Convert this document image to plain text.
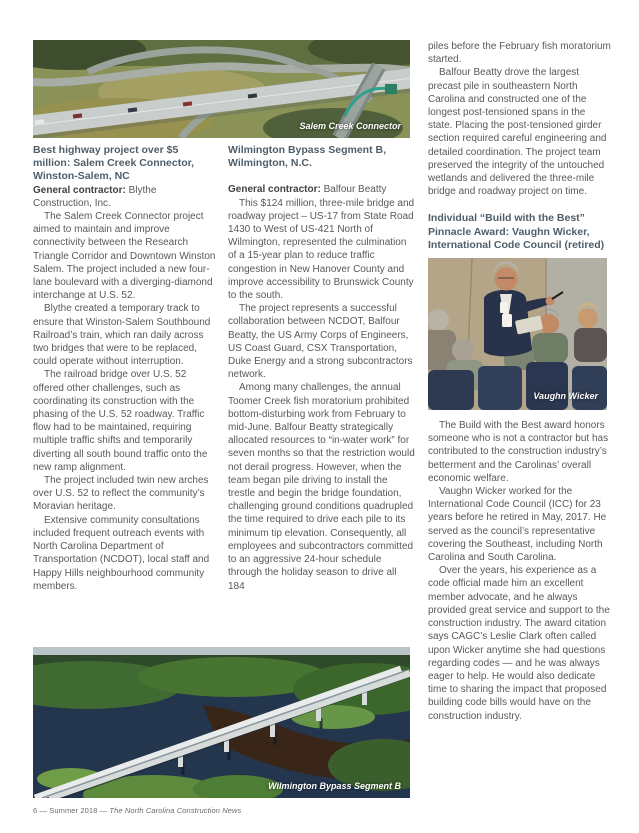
Salem Creek Connector
Best highway project over $5 million: Salem Creek Connector, Winston-Salem, NC

General contractor: Blythe Construction, Inc.

The Salem Creek Connector project aimed to maintain and improve connectivity between the Research Triangle Corridor and Downtown Winston Salem. The project included a new four-lane boulevard with a diverging-diamond interchange at U.S. 52.

Blythe created a temporary track to ensure that Winston-Salem Southbound Railroad’s train, which ran daily across two bridges that were to be replaced, could operate without interruption.

The railroad bridge over U.S. 52 offered other challenges, such as coordinating its construction with the phasing of the U.S. 52 roadway. Traffic flow had to be maintained, requiring multiple traffic shifts and temporarily diverting all south bound traffic onto the new ramp alignment.

The project included twin new arches over U.S. 52 to reflect the community’s Moravian heritage.

Extensive community consultations included frequent outreach events with North Carolina Department of Transportation (NCDOT), local staff and Happy Hills neighbourhood community members.

Wilmington Bypass Segment B, Wilmington, N.C.

General contractor: Balfour Beatty

This $124 million, three-mile bridge and roadway project – US-17 from State Road 1430 to West of US-421 North of Wilmington, represented the culmination of a 15-year plan to reduce traffic congestion in New Hanover County and improve accessibility to Brunswick County to the south.

The project represents a successful collaboration between NCDOT, Balfour Beatty, the US Army Corps of Engineers, US Coast Guard, CSX Transportation, Duke Energy and a strong subcontractors network.

Among many challenges, the annual Toomer Creek fish moratorium prohibited bottom-disturbing work from February to mid-June. Balfour Beatty strategically allocated resources to “in-water work” for seven months so that the restriction would not derail progress. However, when the team began pile driving to install the trestle and begin the bridge foundation, challenging ground conditions quadrupled the time required to drive each pile to its minimum tip elevation. Consequently, all employees and subcontractors committed to an aggressive 24-hour schedule through the holiday season to drive all 184

piles before the February fish moratorium started.

Balfour Beatty drove the largest precast pile in southeastern North Carolina and constructed one of the longest post-tensioned spans in the state. Placing the post-tensioned girder section required careful engineering and detailed coordination. The project team preserved the integrity of the untouched wetlands and delivered the three-mile bridge and roadway project on time.

Individual “Build with the Best” Pinnacle Award: Vaughn Wicker, International Code Council (retired)
Vaughn Wicker

The Build with the Best award honors someone who is not a contractor but has contributed to the construction industry’s betterment and the Carolinas’ overall economic welfare.

Vaughn Wicker worked for the International Code Council (ICC) for 23 years before he retired in May, 2017. He served as the council’s representative covering the Southeast, including North Carolina and South Carolina.

Over the years, his experience as a code official made him an excellent member advocate, and he always provided great service and support to the construction industry. The award citation says CAGC’s Leslie Clark often called upon Wicker anytime she had questions regarding codes — and he was always eager to help. He would also dedicate time to sharing the impact that proposed building code bills would have on the construction industry.

Wilmington Bypass Segment B
6 — Summer 2018 — The North Carolina Construction News
